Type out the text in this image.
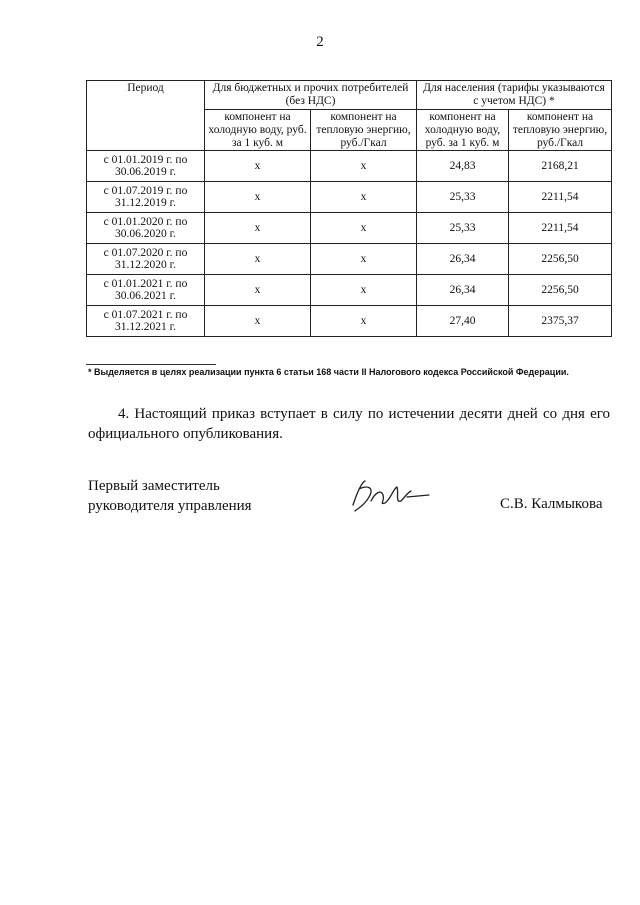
2
Период	Для бюджетных и прочих потребителей (без НДС)		Для населения (тарифы указываются с учетом НДС) *	
	компонент на холодную воду, руб. за 1 куб. м	компонент на тепловую энергию, руб./Гкал	компонент на холодную воду, руб. за 1 куб. м	компонент на тепловую энергию, руб./Гкал
с 01.01.2019 г. по 30.06.2019 г.	х	х	24,83	2168,21
с 01.07.2019 г. по 31.12.2019 г.	х	х	25,33	2211,54
с 01.01.2020 г. по 30.06.2020 г.	х	х	25,33	2211,54
с 01.07.2020 г. по 31.12.2020 г.	х	х	26,34	2256,50
с 01.01.2021 г. по 30.06.2021 г.	х	х	26,34	2256,50
с 01.07.2021 г. по 31.12.2021 г.	х	х	27,40	2375,37
* Выделяется в целях реализации пункта 6 статьи 168 части II Налогового кодекса Российской Федерации.
4. Настоящий приказ вступает в силу по истечении десяти дней со дня его официального опубликования.
Первый заместитель
руководителя управления	С.В. Калмыкова
